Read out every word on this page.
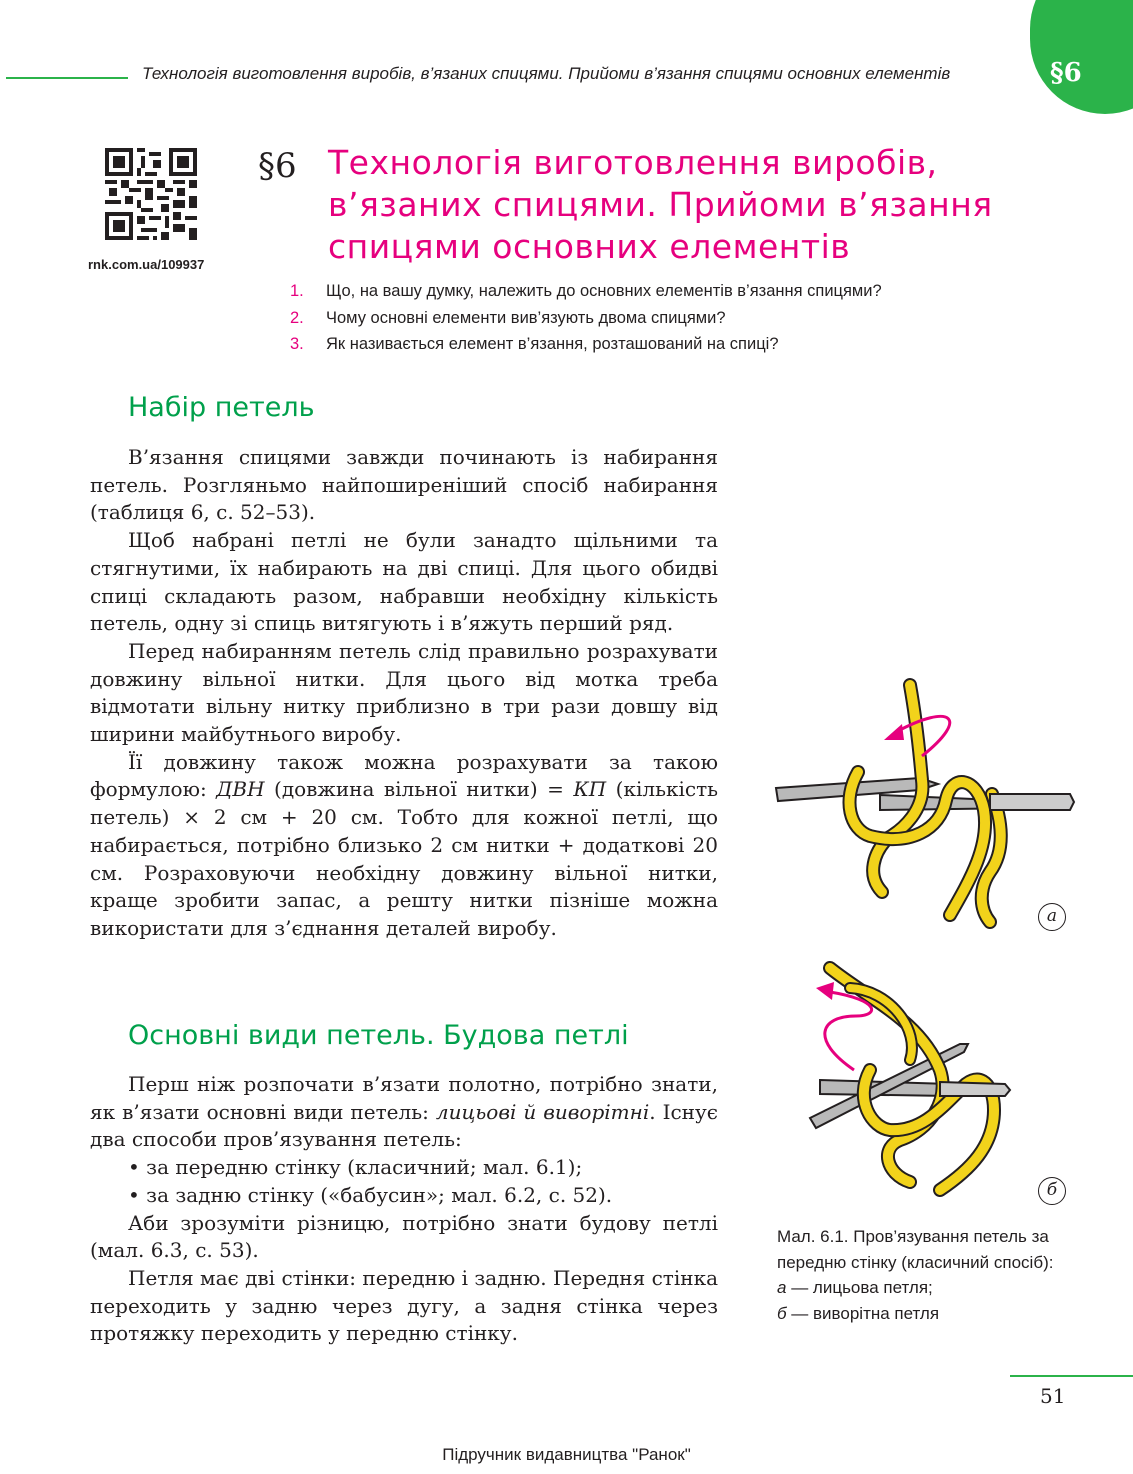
Технологія виготовлення виробів, в’язаних спицями. Прийоми в’язання спицями основних елементів	§6
rnk.com.ua/109937
§6 Технологія виготовлення виробів, в’язаних спицями. Прийоми в’язання спицями основних елементів
1. Що, на вашу думку, належить до основних елементів в’язання спицями?
2. Чому основні елементи вив’язують двома спицями?
3. Як називається елемент в’язання, розташований на спиці?
Набір петель

В’язання спицями завжди починають із набирання петель. Розгляньмо найпоширеніший спосіб набирання (таблиця 6, с. 52–53).

Щоб набрані петлі не були занадто щільними та стягнутими, їх набирають на дві спиці. Для цього обидві спиці складають разом, набравши необхідну кількість петель, одну зі спиць витягують і в’яжуть перший ряд.

Перед набиранням петель слід правильно розрахувати довжину вільної нитки. Для цього від мотка треба відмотати вільну нитку приблизно в три рази довшу від ширини майбутнього виробу.

Її довжину також можна розрахувати за такою формулою: ДВН (довжина вільної нитки) = КП (кількість петель) × 2 см + 20 см. Тобто для кожної петлі, що набирається, потрібно близько 2 см нитки + додаткові 20 см. Розраховуючи необхідну довжину вільної нитки, краще зробити запас, а решту нитки пізніше можна використати для з’єднання деталей виробу.

Основні види петель. Будова петлі

Перш ніж розпочати в’язати полотно, потрібно знати, як в’язати основні види петель: лицьові й виворітні. Існує два способи пров’язування петель:

• за передню стінку (класичний; мал. 6.1);

• за задню стінку («бабусин»; мал. 6.2, с. 52).

Аби зрозуміти різницю, потрібно знати будову петлі (мал. 6.3, с. 53).

Петля має дві стінки: передню і задню. Передня стінка переходить у задню через дугу, а задня стінка через протяжку переходить у передню стінку.

а
б
Мал. 6.1. Пров’язування петель за передню стінку (класичний спосіб):
а — лицьова петля;
б — виворітна петля
51
Підручник видавництва "Ранок"
